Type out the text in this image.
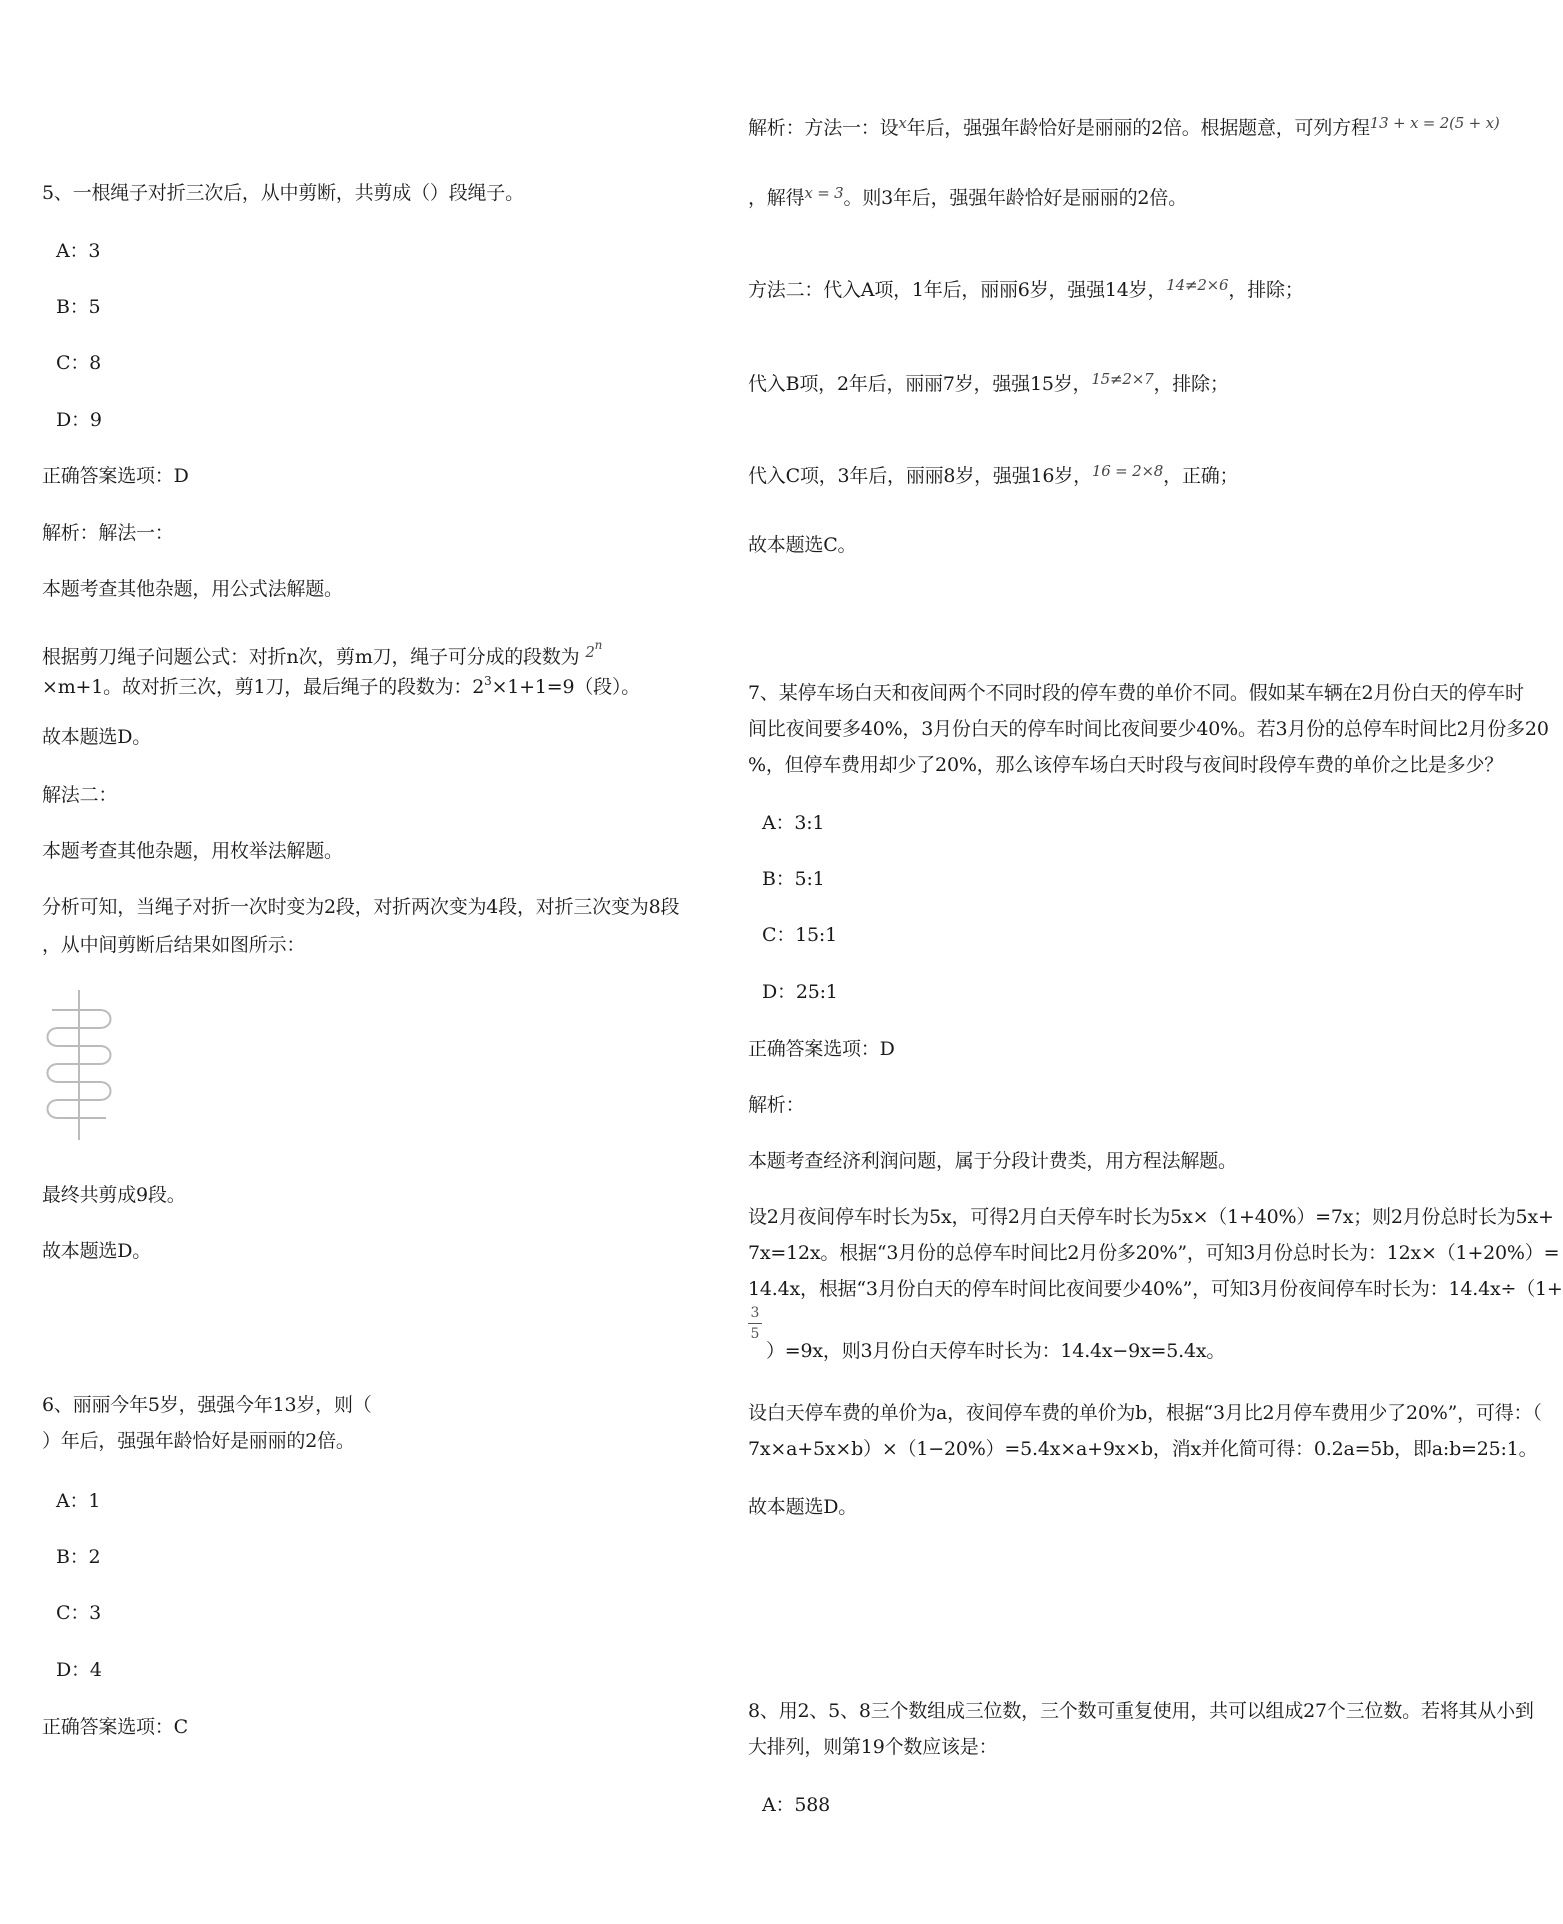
5、一根绳子对折三次后，从中剪断，共剪成（）段绳子。
A：3
B：5
C：8
D：9
正确答案选项：D
解析：解法一：
本题考查其他杂题，用公式法解题。
根据剪刀绳子问题公式：对折n次，剪m刀，绳子可分成的段数为 $^{2^n}$
×m+1。故对折三次，剪1刀，最后绳子的段数为：$2^3\times 1+1=9$（段）。
故本题选D。
解法二：
本题考查其他杂题，用枚举法解题。
分析可知，当绳子对折一次时变为2段，对折两次变为4段，对折三次变为8段
，从中间剪断后结果如图所示：
最终共剪成9段。
故本题选D。
6、丽丽今年5岁，强强今年13岁，则（
）年后，强强年龄恰好是丽丽的2倍。
A：1
B：2
C：3
D：4
正确答案选项：C
解析：方法一：设$^x$年后，强强年龄恰好是丽丽的2倍。根据题意，可列方程$^{13 + x = 2(5 + x)}$
，解得$^{x = 3}$。则3年后，强强年龄恰好是丽丽的2倍。
方法二：代入A项，1年后，丽丽6岁，强强14岁，$^{14\ne 2\times 6}$，排除；
代入B项，2年后，丽丽7岁，强强15岁，$^{15\ne 2\times 7}$，排除；
代入C项，3年后，丽丽8岁，强强16岁，$^{16 = 2\times 8}$，正确；
故本题选C。
7、某停车场白天和夜间两个不同时段的停车费的单价不同。假如某车辆在2月份白天的停车时
间比夜间要多40%，3月份白天的停车时间比夜间要少40%。若3月份的总停车时间比2月份多20
%，但停车费用却少了20%，那么该停车场白天时段与夜间时段停车费的单价之比是多少？
A：3:1
B：5:1
C：15:1
D：25:1
正确答案选项：D
解析：
本题考查经济利润问题，属于分段计费类，用方程法解题。
设2月夜间停车时长为5x，可得2月白天停车时长为5x×（1+40%）=7x；则2月份总时长为5x+
7x=12x。根据“3月份的总停车时间比2月份多20%”，可知3月份总时长为：12x×（1+20%）=
14.4x，根据“3月份白天的停车时间比夜间要少40%”，可知3月份夜间停车时长为：14.4x÷（1+
3
5
）=9x，则3月份白天停车时长为：14.4x−9x=5.4x。
设白天停车费的单价为a，夜间停车费的单价为b，根据“3月比2月停车费用少了20%”，可得：（
7x×a+5x×b）×（1−20%）=5.4x×a+9x×b，消x并化简可得：0.2a=5b，即a:b=25:1。
故本题选D。
8、用2、5、8三个数组成三位数，三个数可重复使用，共可以组成27个三位数。若将其从小到
大排列，则第19个数应该是：
A：588
